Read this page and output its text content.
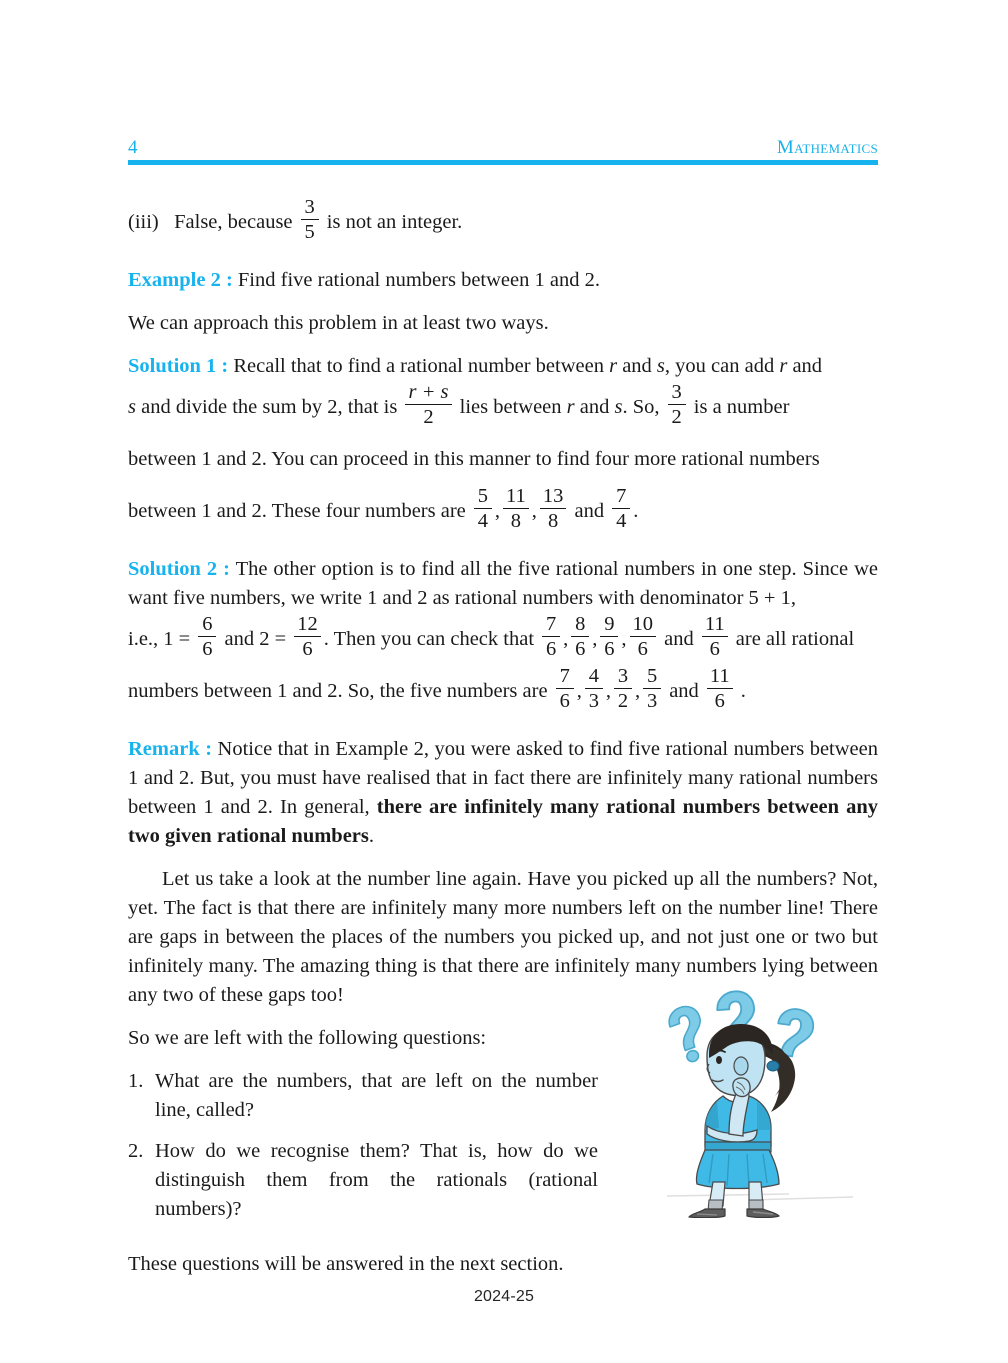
4	Mathematics

(iii) False, because $\frac{3}{5}$ is not an integer.

Example 2 : Find five rational numbers between 1 and 2.

We can approach this problem in at least two ways.

Solution 1 : Recall that to find a rational number between r and s, you can add r and

s and divide the sum by 2, that is $\frac{r + s}{2}$ lies between r and s. So, $\frac{3}{2}$ is a number

between 1 and 2. You can proceed in this manner to find four more rational numbers

between 1 and 2. These four numbers are $\frac{5}{4}$ , $\frac{11}{8}$ , $\frac{13}{8}$ and $\frac{7}{4}$ .

Solution 2 : The other option is to find all the five rational numbers in one step. Since we want five numbers, we write 1 and 2 as rational numbers with denominator 5 + 1,

i.e., $1 = \frac{6}{6}$ and $2 = \frac{12}{6}$ . Then you can check that $\frac{7}{6}$ , $\frac{8}{6}$ , $\frac{9}{6}$ , $\frac{10}{6}$ and $\frac{11}{6}$ are all rational

numbers between 1 and 2. So, the five numbers are $\frac{7}{6}$ , $\frac{4}{3}$ , $\frac{3}{2}$ , $\frac{5}{3}$ and $\frac{11}{6}$ .

Remark : Notice that in Example 2, you were asked to find five rational numbers between 1 and 2. But, you must have realised that in fact there are infinitely many rational numbers between 1 and 2. In general, there are infinitely many rational numbers between any two given rational numbers.

Let us take a look at the number line again. Have you picked up all the numbers? Not, yet. The fact is that there are infinitely many more numbers left on the number line! There are gaps in between the places of the numbers you picked up, and not just one or two but infinitely many. The amazing thing is that there are infinitely many numbers lying between any two of these gaps too!

So we are left with the following questions:

1. What are the numbers, that are left on the number line, called?
2. How do we recognise them? That is, how do we distinguish them from the rationals (rational numbers)?

These questions will be answered in the next section.

2024-25
